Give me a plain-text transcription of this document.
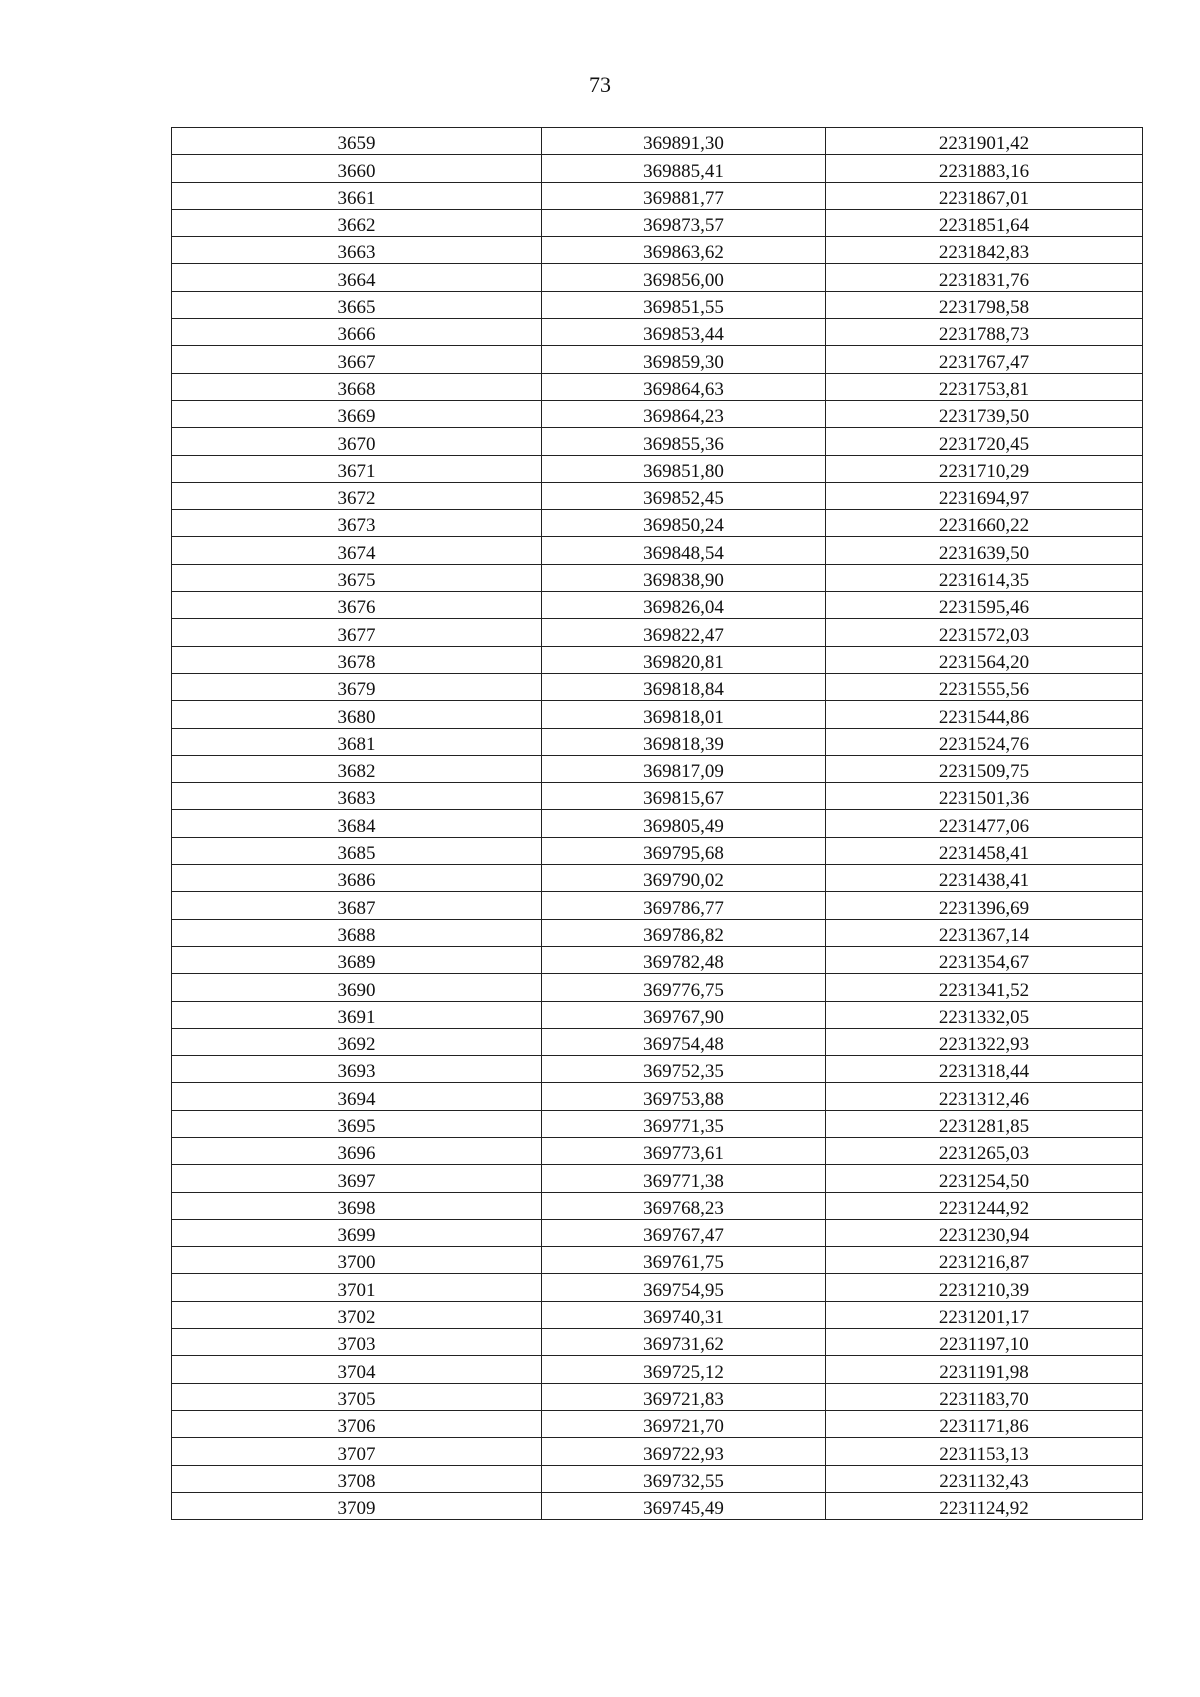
73
3659	369891,30	2231901,42
3660	369885,41	2231883,16
3661	369881,77	2231867,01
3662	369873,57	2231851,64
3663	369863,62	2231842,83
3664	369856,00	2231831,76
3665	369851,55	2231798,58
3666	369853,44	2231788,73
3667	369859,30	2231767,47
3668	369864,63	2231753,81
3669	369864,23	2231739,50
3670	369855,36	2231720,45
3671	369851,80	2231710,29
3672	369852,45	2231694,97
3673	369850,24	2231660,22
3674	369848,54	2231639,50
3675	369838,90	2231614,35
3676	369826,04	2231595,46
3677	369822,47	2231572,03
3678	369820,81	2231564,20
3679	369818,84	2231555,56
3680	369818,01	2231544,86
3681	369818,39	2231524,76
3682	369817,09	2231509,75
3683	369815,67	2231501,36
3684	369805,49	2231477,06
3685	369795,68	2231458,41
3686	369790,02	2231438,41
3687	369786,77	2231396,69
3688	369786,82	2231367,14
3689	369782,48	2231354,67
3690	369776,75	2231341,52
3691	369767,90	2231332,05
3692	369754,48	2231322,93
3693	369752,35	2231318,44
3694	369753,88	2231312,46
3695	369771,35	2231281,85
3696	369773,61	2231265,03
3697	369771,38	2231254,50
3698	369768,23	2231244,92
3699	369767,47	2231230,94
3700	369761,75	2231216,87
3701	369754,95	2231210,39
3702	369740,31	2231201,17
3703	369731,62	2231197,10
3704	369725,12	2231191,98
3705	369721,83	2231183,70
3706	369721,70	2231171,86
3707	369722,93	2231153,13
3708	369732,55	2231132,43
3709	369745,49	2231124,92
